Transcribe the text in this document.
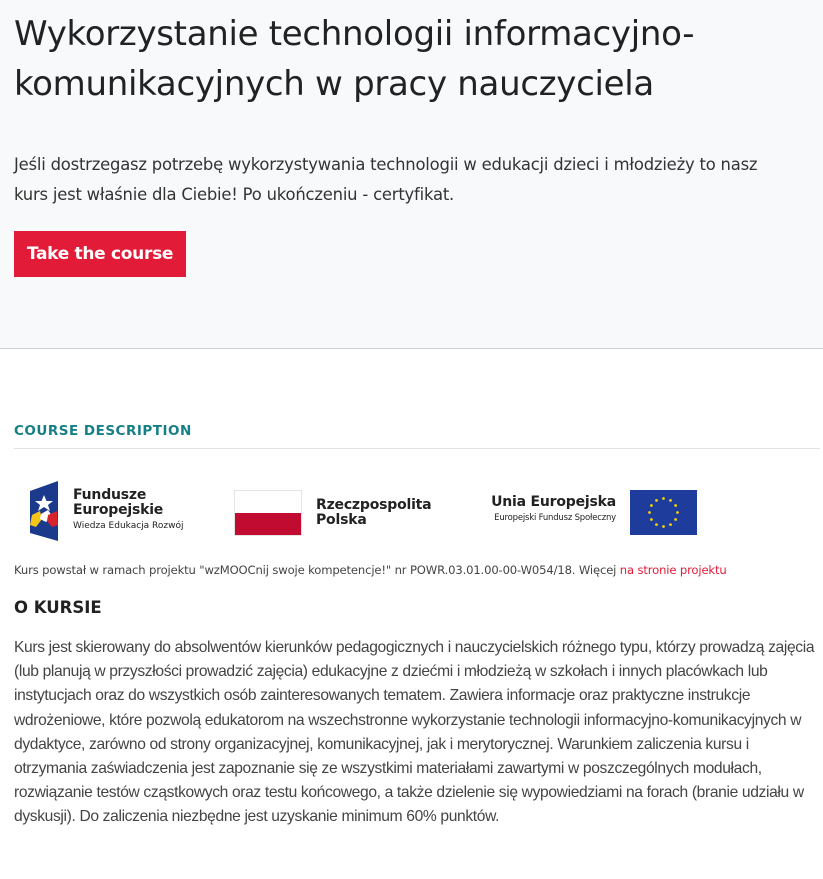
Wykorzystanie technologii informacyjno-komunikacyjnych w pracy nauczyciela

Jeśli dostrzegasz potrzebę wykorzystywania technologii w edukacji dzieci i młodzieży to nasz kurs jest właśnie dla Ciebie! Po ukończeniu - certyfikat.

Take the course
COURSE DESCRIPTION
Fundusze
Europejskie
Wiedza Edukacja Rozwój
Rzeczpospolita
Polska
Unia Europejska
Europejski Fundusz Społeczny
Kurs powstał w ramach projektu "wzMOOCnij swoje kompetencje!" nr POWR.03.01.00-00-W054/18. Więcej na stronie projektu
O KURSIE

Kurs jest skierowany do absolwentów kierunków pedagogicznych i nauczycielskich różnego typu, którzy prowadzą zajęcia (lub planują w przyszłości prowadzić zajęcia) edukacyjne z dziećmi i młodzieżą w szkołach i innych placówkach lub instytucjach oraz do wszystkich osób zainteresowanych tematem. Zawiera informacje oraz praktyczne instrukcje wdrożeniowe, które pozwolą edukatorom na wszechstronne wykorzystanie technologii informacyjno-komunikacyjnych w dydaktyce, zarówno od strony organizacyjnej, komunikacyjnej, jak i merytorycznej. Warunkiem zaliczenia kursu i otrzymania zaświadczenia jest zapoznanie się ze wszystkimi materiałami zawartymi w poszczególnych modułach, rozwiązanie testów cząstkowych oraz testu końcowego, a także dzielenie się wypowiedziami na forach (branie udziału w dyskusji). Do zaliczenia niezbędne jest uzyskanie minimum 60% punktów.
